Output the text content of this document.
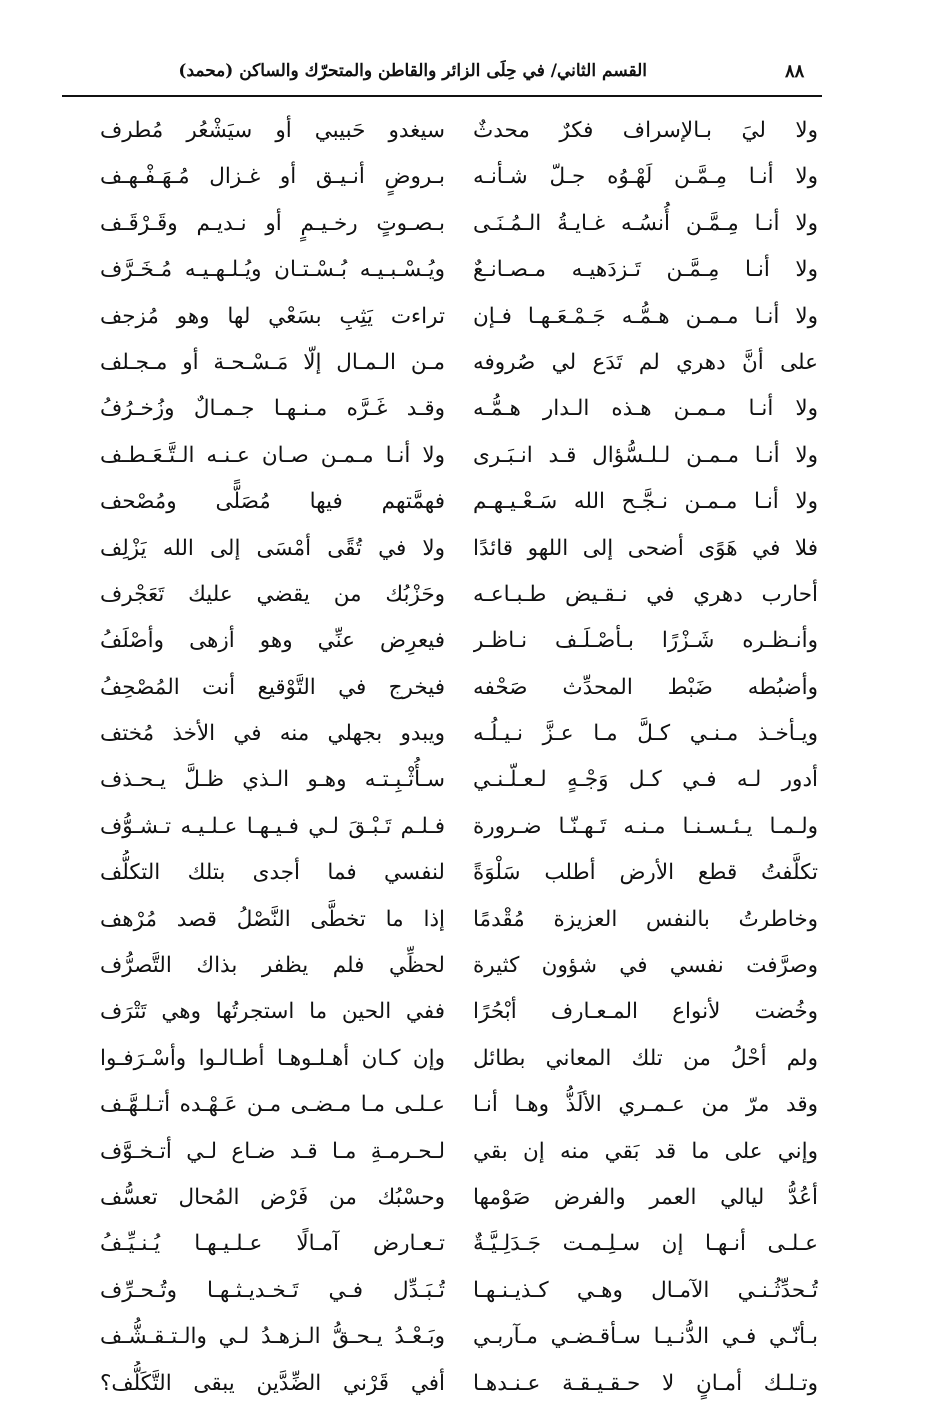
القسم الثاني/ في حِلَى الزائر والقاطن والمتحرّك والساكن (محمد)	٨٨
ولا ليَ بـالإسراف فكرٌ محدثٌ
ولا أنـا مِـمَّـن لَهْـوُه جـلّ شـأنـه
ولا أنـا مِـمَّـن أُنسُـه غـايـةُ الـمُـنَـى
ولا أنـا مِـمَّـن تَـزدَهيـه مـصـانـعٌ
ولا أنـا مـمـن هـمُّـه جَـمْـعَـهـا فـإن
على أنَّ دهري لم تَدَع لي صُروفه
ولا أنـا مـمـن هـذه الـدار هـمُّـه
ولا أنـا مـمـن لـلـسُّؤال قـد انـبَـرى
ولا أنـا مـمـن نـجَّـح الله سَـعْـيـهـم
فلا في هَوًى أضحى إلى اللهو قائدًا
أحارب دهري في نـقـيض طـبـاعـه
وأنـظـره شَـزْرًا بـأصْـلَـف نـاظـر
وأضبُطه ضَبْط المحدِّث صَحْفه
ويـأخـذ مـنـي كـلَّ مـا عـزَّ نـيـلُـه
أدور لـه فـي كـل وَجْـهٍ لـعـلّـنـي
ولـمـا يـئـسـنـا مـنـه تَـهـنّـا ضـرورة
تكلَّفتُ قطع الأرض أطلب سَلْوَةً
وخاطرتُ بالنفس العزيزة مُقْدمًا
وصرَّفت نفسي في شؤون كثيرة
وخُضت لأنواع المـعـارف أبْحُرًا
ولم أحْلُ من تلك المعاني بطائل
وقد مرّ من عـمـري الألَذُّ وهـا أنـا
وإني على ما قد بَقي منه إن بقي
أعُدُّ ليالي العمر والفرض صَوْمها
عـلـى أنـهـا إن سـلِـمـت جَـدَلِـيَّـةٌ
تُـحدِّثُـنـي الآمـال وهـي كـذيـنـهـا
بـأنّـي فـي الدُّنـيـا سـأقـضـي مـآربـي
وتـلـك أمـانٍ لا حـقـيـقـة عـنـدهـا
سيغدو حَبيبي أو سيَشْعُر مُطرف
بـروضٍ أنـيـق أو غـزال مُـهَـفْـهـف
بـصـوتٍ رخـيـمٍ أو نـديـم وقَـرْقَـف
ويُـسْـبـيـه بُـسْـتـان ويُـلـهـيـه مُـخَـرَّف
تراءت يَثِبِ بسَعْي لها وهو مُزجف
مـن الـمـال إلّا مَـسْـحـة أو مـجـلف
وقـد غَـرَّه مـنـهـا جـمـالٌ وزُخـرُفُ
ولا أنـا مـمـن صـان عـنـه الـتَّـعَـطـف
فهمَّتهم فيها مُصَلًّى ومُصْحف
ولا في تُقًى أمْسَى إلى الله يَزْلِف
وحَزْبُك من يقضي عليك تَعَجْرف
فيعرِض عنِّي وهو أزهى وأصْلَفُ
فيخرج في التَّوْقيع أنت المُصْحِفُ
ويبدو بجهلي منه في الأخذ مُختف
سـأُثْـبِـتـه وهـو الـذي ظـلَّ يـحـذف
فـلـم تَـبْـقَ لـي فـيـهـا عـلـيـه تـشـوُّف
لنفسي فما أجدى بتلك التكلُّف
إذا ما تخطَّى النَّصْلُ قصد مُرْهف
لحظِّي فلم يظفر بذاك التَّصرُّف
ففي الحين ما استجرتُها وهي تَتْرَف
وإن كـان أهـلـوهـا أطـالـوا وأسْـرَفـوا
عـلـى مـا مـضـى مـن عَـهْـده أتـلـهَّـف
لـحـرمـةِ مـا قـد ضـاع لـي أتـخـوَّف
وحسْبُك من فَرْض المُحال تعسُّف
تـعـارض آمـالًا عـلـيـهـا يُـنـيِّـفُ
تُـبَـدِّل فـي تَـخـديـثـهـا وتُـحـرِّف
وبَـعْـدُ يـحـقُّ الـزهـدُ لـي والـتـقـشُّـف
أفي قَرْني الضِّدَّين يبقى التَّكَلُّف؟
